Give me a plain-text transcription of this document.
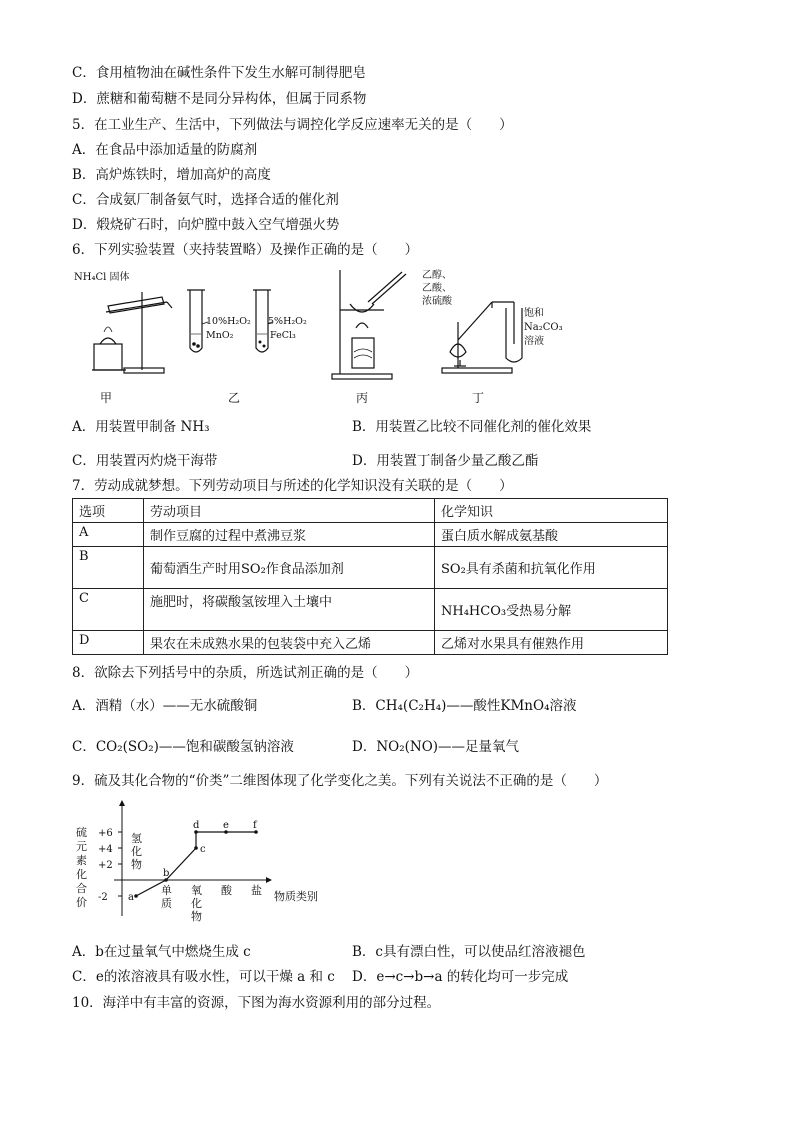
C．食用植物油在碱性条件下发生水解可制得肥皂
D．蔗糖和葡萄糖不是同分异构体，但属于同系物
5．在工业生产、生活中，下列做法与调控化学反应速率无关的是（　　）
A．在食品中添加适量的防腐剂
B．高炉炼铁时，增加高炉的高度
C．合成氨厂制备氨气时，选择合适的催化剂
D．煅烧矿石时，向炉膛中鼓入空气增强火势
6．下列实验装置（夹持装置略）及操作正确的是（　　）
NH₄Cl 固体
甲
10%H₂O₂
MnO₂
5%H₂O₂
FeCl₃
乙	丙
乙醇、
乙酸、
浓硫酸
饱和
Na₂CO₃
溶液
丁
A．用装置甲制备 NH₃	B．用装置乙比较不同催化剂的催化效果
C．用装置丙灼烧干海带	D．用装置丁制备少量乙酸乙酯
7．劳动成就梦想。下列劳动项目与所述的化学知识没有关联的是（　　）
选项	劳动项目	化学知识
A	制作豆腐的过程中煮沸豆浆	蛋白质水解成氨基酸
B	葡萄酒生产时用SO₂作食品添加剂	SO₂具有杀菌和抗氧化作用
C	施肥时，将碳酸氢铵埋入土壤中	NH₄HCO₃受热易分解
D	果农在未成熟水果的包装袋中充入乙烯	乙烯对水果具有催熟作用
8．欲除去下列括号中的杂质，所选试剂正确的是（　　）
A．酒精（水）——无水硫酸铜	B．CH₄(C₂H₄)——酸性KMnO₄溶液
C．CO₂(SO₂)——饱和碳酸氢钠溶液	D．NO₂(NO)——足量氧气
9．硫及其化合物的“价类”二维图体现了化学变化之美。下列有关说法不正确的是（　　）
硫
元
素
化
合
价
+6
+4
+2
-2
氢
化
物
单
质
氧
化
物
酸 盐
a
b
c
d e f
物质类别
A．b在过量氧气中燃烧生成 c	B．c具有漂白性，可以使品红溶液褪色
C．e的浓溶液具有吸水性，可以干燥 a 和 c D．e→c→b→a 的转化均可一步完成
10．海洋中有丰富的资源，下图为海水资源利用的部分过程。
